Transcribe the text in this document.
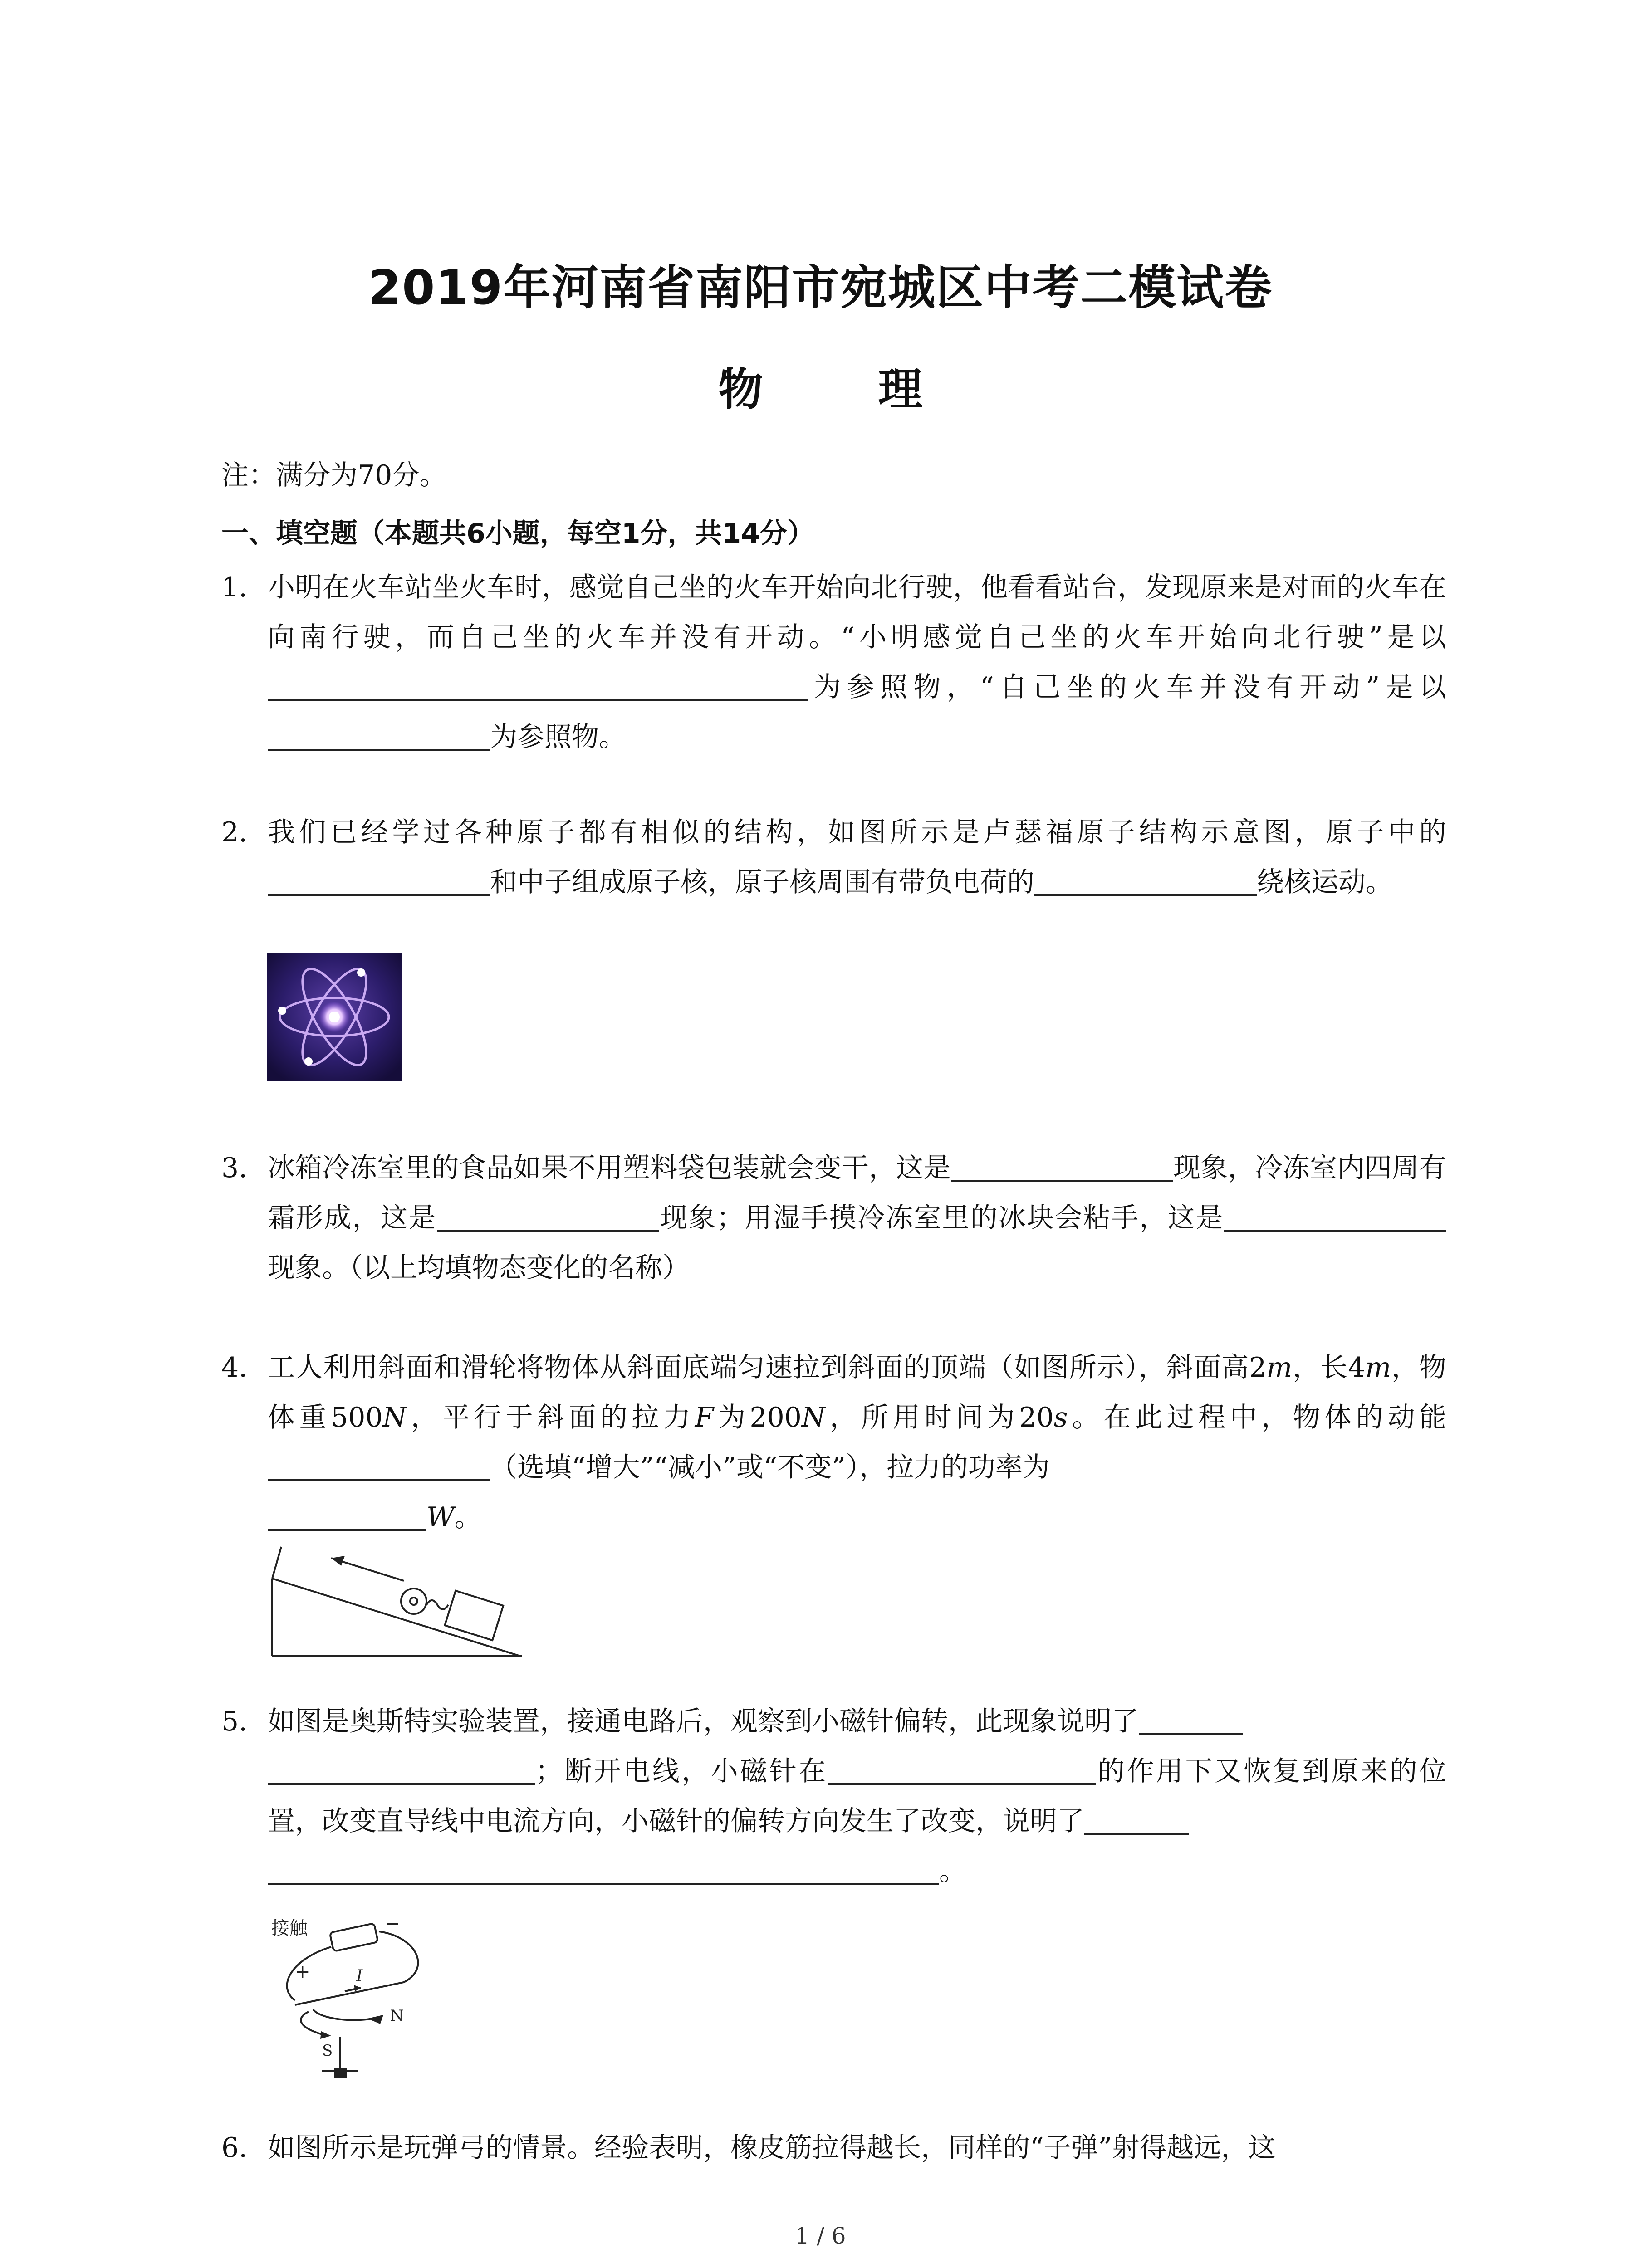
2019年河南省南阳市宛城区中考二模试卷
物 理
注：满分为70分。
一、填空题（本题共6小题，每空1分，共14分）
1. 小明在火车站坐火车时，感觉自己坐的火车开始向北行驶，他看看站台，发现原来是对面的火车在向南行驶，而自己坐的火车并没有开动。“小明感觉自己坐的火车开始向北行驶”是以 为参照物，“自己坐的火车并没有开动”是以 为参照物。
2. 我们已经学过各种原子都有相似的结构，如图所示是卢瑟福原子结构示意图，原子中的和中子组成原子核，原子核周围有带负电荷的	绕核运动。
3. 冰箱冷冻室里的食品如果不用塑料袋包装就会变干，这是	现象，冷冻室内四周有霜形成，这是	现象；用湿手摸冷冻室里的冰块会粘手，这是现象。（以上均填物态变化的名称）
4. 工人利用斜面和滑轮将物体从斜面底端匀速拉到斜面的顶端（如图所示），斜面高2m，长4m，物体重500N，平行于斜面的拉力F为200N，所用时间为20s。在此过程中，物体的动能（选填“增大”“减小”或“不变”），拉力的功率为
W。
5. 如图是奥斯特实验装置，接通电路后，观察到小磁针偏转，此现象说明了
；断开电线，小磁针在	的作用下又恢复到原来的位置，改变直导线中电流方向，小磁针的偏转方向发生了改变，说明了
。
接触
+
−
I
S
N
6. 如图所示是玩弹弓的情景。经验表明，橡皮筋拉得越长，同样的“子弹”射得越远，这
1 / 6
